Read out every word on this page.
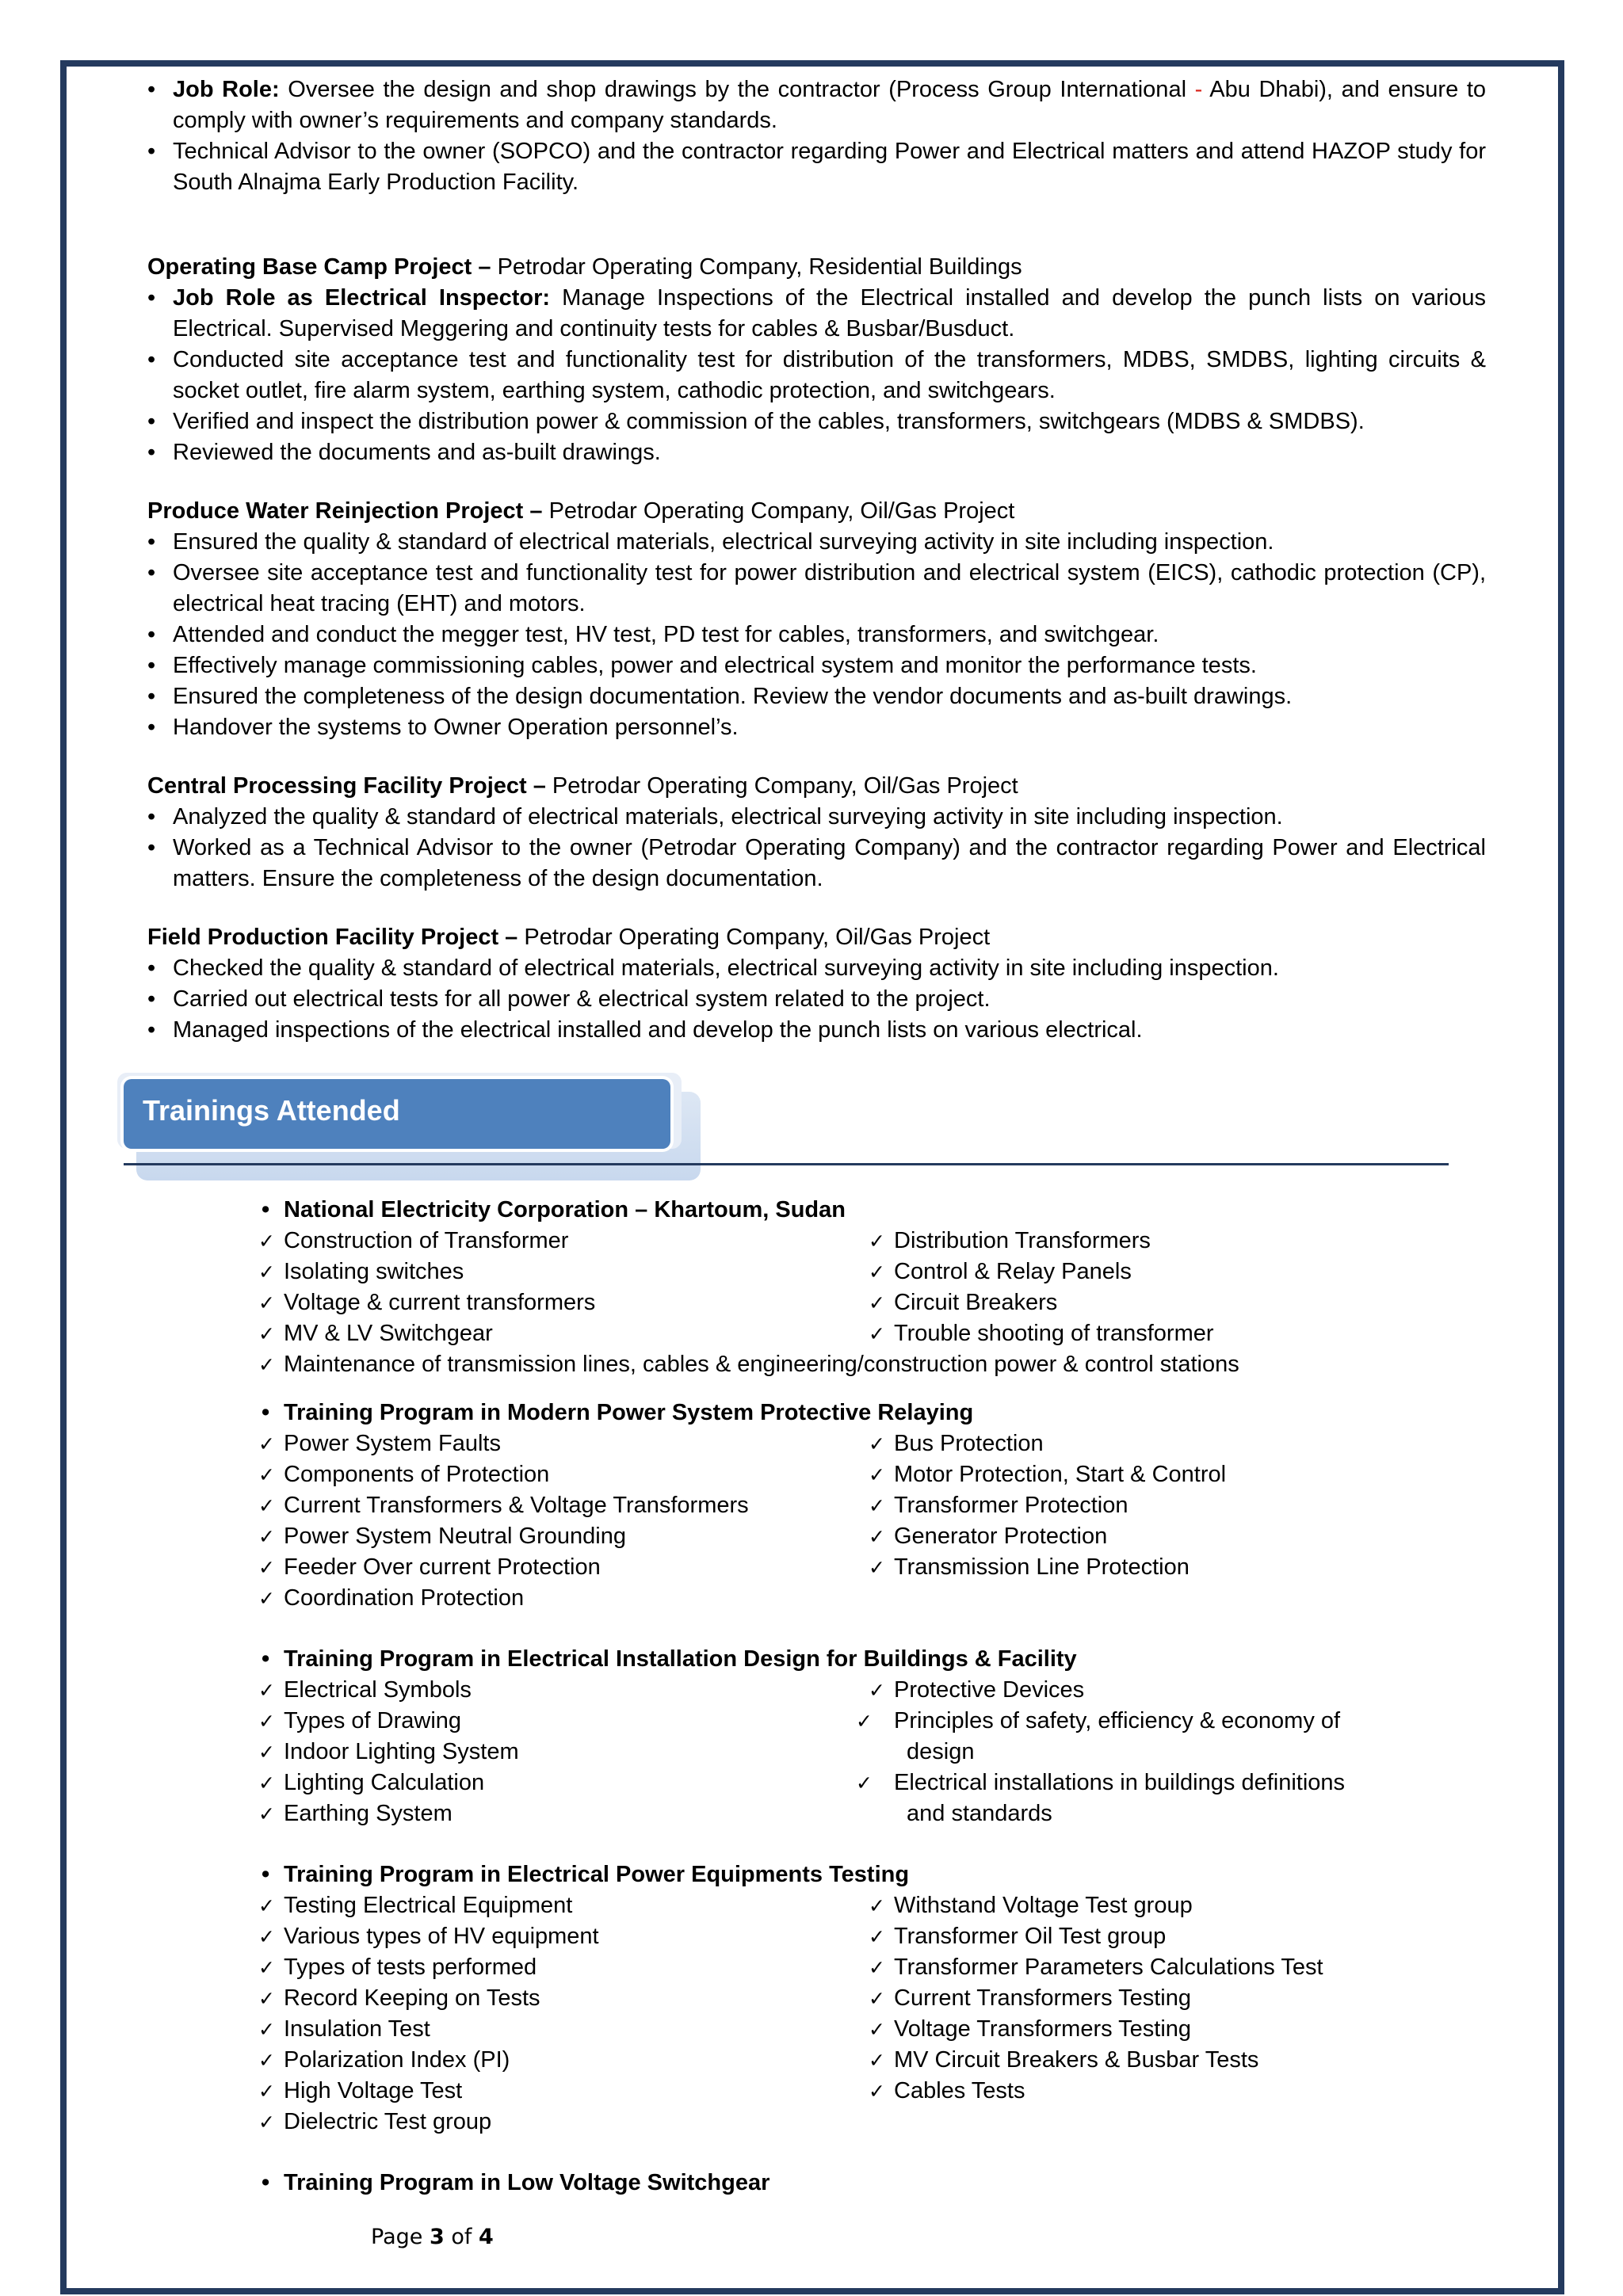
• Job Role: Oversee the design and shop drawings by the contractor (Process Group International - Abu Dhabi), and ensure to comply with owner’s requirements and company standards.
• Technical Advisor to the owner (SOPCO) and the contractor regarding Power and Electrical matters and attend HAZOP study for South Alnajma Early Production Facility.
Operating Base Camp Project – Petrodar Operating Company, Residential Buildings
• Job Role as Electrical Inspector: Manage Inspections of the Electrical installed and develop the punch lists on various Electrical. Supervised Meggering and continuity tests for cables & Busbar/Busduct.
• Conducted site acceptance test and functionality test for distribution of the transformers, MDBS, SMDBS, lighting circuits & socket outlet, fire alarm system, earthing system, cathodic protection, and switchgears.
• Verified and inspect the distribution power & commission of the cables, transformers, switchgears (MDBS & SMDBS).
• Reviewed the documents and as-built drawings.
Produce Water Reinjection Project – Petrodar Operating Company, Oil/Gas Project
• Ensured the quality & standard of electrical materials, electrical surveying activity in site including inspection.
• Oversee site acceptance test and functionality test for power distribution and electrical system (EICS), cathodic protection (CP), electrical heat tracing (EHT) and motors.
• Attended and conduct the megger test, HV test, PD test for cables, transformers, and switchgear.
• Effectively manage commissioning cables, power and electrical system and monitor the performance tests.
• Ensured the completeness of the design documentation. Review the vendor documents and as-built drawings.
• Handover the systems to Owner Operation personnel’s.
Central Processing Facility Project – Petrodar Operating Company, Oil/Gas Project
• Analyzed the quality & standard of electrical materials, electrical surveying activity in site including inspection.
• Worked as a Technical Advisor to the owner (Petrodar Operating Company) and the contractor regarding Power and Electrical matters. Ensure the completeness of the design documentation.
Field Production Facility Project – Petrodar Operating Company, Oil/Gas Project
• Checked the quality & standard of electrical materials, electrical surveying activity in site including inspection.
• Carried out electrical tests for all power & electrical system related to the project.
• Managed inspections of the electrical installed and develop the punch lists on various electrical.
Trainings Attended
• National Electricity Corporation – Khartoum, Sudan
✓ Construction of Transformer
✓ Isolating switches
✓ Voltage & current transformers
✓ MV & LV Switchgear
✓ Distribution Transformers
✓ Control & Relay Panels
✓ Circuit Breakers
✓ Trouble shooting of transformer
✓ Maintenance of transmission lines, cables & engineering/construction power & control stations
• Training Program in Modern Power System Protective Relaying
✓ Power System Faults
✓ Components of Protection
✓ Current Transformers & Voltage Transformers
✓ Power System Neutral Grounding
✓ Feeder Over current Protection
✓ Coordination Protection
✓ Bus Protection
✓ Motor Protection, Start & Control
✓ Transformer Protection
✓ Generator Protection
✓ Transmission Line Protection
• Training Program in Electrical Installation Design for Buildings & Facility
✓ Electrical Symbols
✓ Types of Drawing
✓ Indoor Lighting System
✓ Lighting Calculation
✓ Earthing System
✓ Protective Devices
✓ Principles of safety, efficiency & economy of design
✓ Electrical installations in buildings definitions and standards
• Training Program in Electrical Power Equipments Testing
✓ Testing Electrical Equipment
✓ Various types of HV equipment
✓ Types of tests performed
✓ Record Keeping on Tests
✓ Insulation Test
✓ Polarization Index (PI)
✓ High Voltage Test
✓ Dielectric Test group
✓ Withstand Voltage Test group
✓ Transformer Oil Test group
✓ Transformer Parameters Calculations Test
✓ Current Transformers Testing
✓ Voltage Transformers Testing
✓ MV Circuit Breakers & Busbar Tests
✓ Cables Tests
• Training Program in Low Voltage Switchgear
Page 3 of 4
